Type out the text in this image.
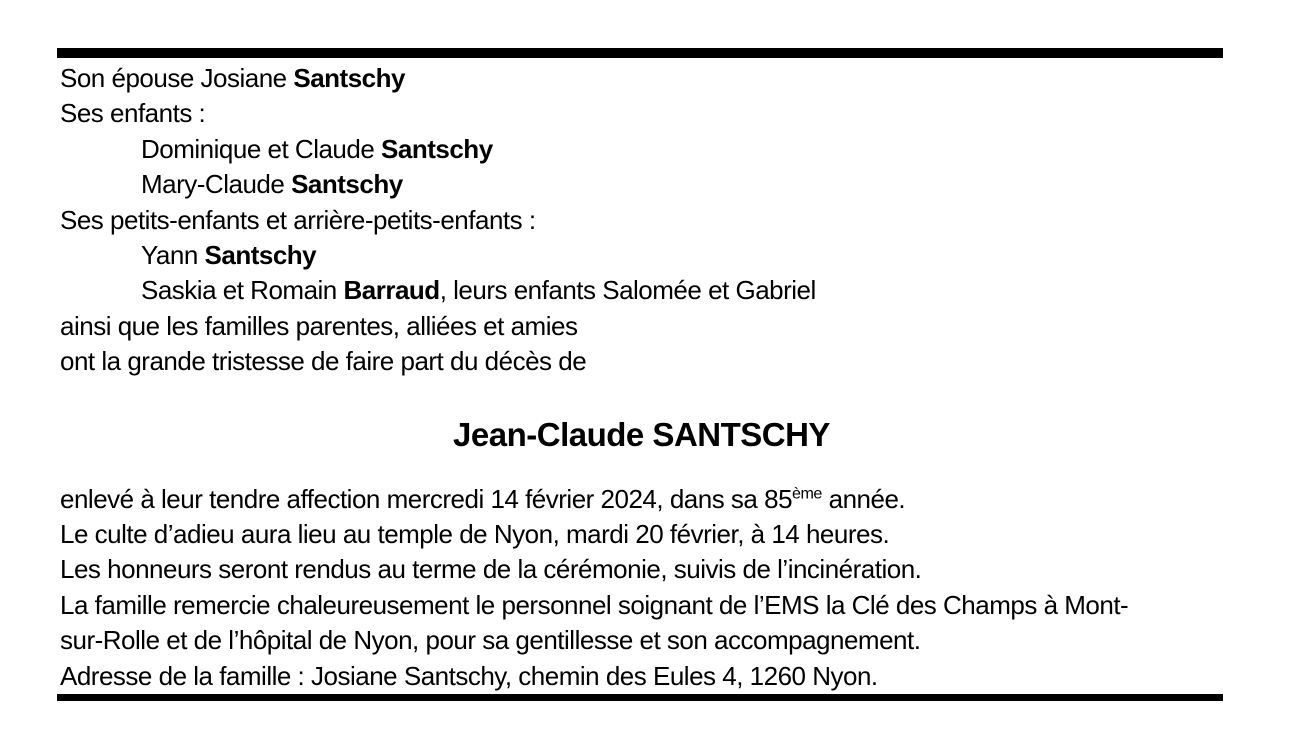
Son épouse Josiane Santschy
Ses enfants :
Dominique et Claude Santschy
Mary-Claude Santschy
Ses petits-enfants et arrière-petits-enfants :
Yann Santschy
Saskia et Romain Barraud, leurs enfants Salomée et Gabriel
ainsi que les familles parentes, alliées et amies
ont la grande tristesse de faire part du décès de
Jean-Claude SANTSCHY
enlevé à leur tendre affection mercredi 14 février 2024, dans sa 85ème année.
Le culte d’adieu aura lieu au temple de Nyon, mardi 20 février, à 14 heures.
Les honneurs seront rendus au terme de la cérémonie, suivis de l’incinération.
La famille remercie chaleureusement le personnel soignant de l’EMS la Clé des Champs à Mont-
sur-Rolle et de l’hôpital de Nyon, pour sa gentillesse et son accompagnement.
Adresse de la famille : Josiane Santschy, chemin des Eules 4, 1260 Nyon.
